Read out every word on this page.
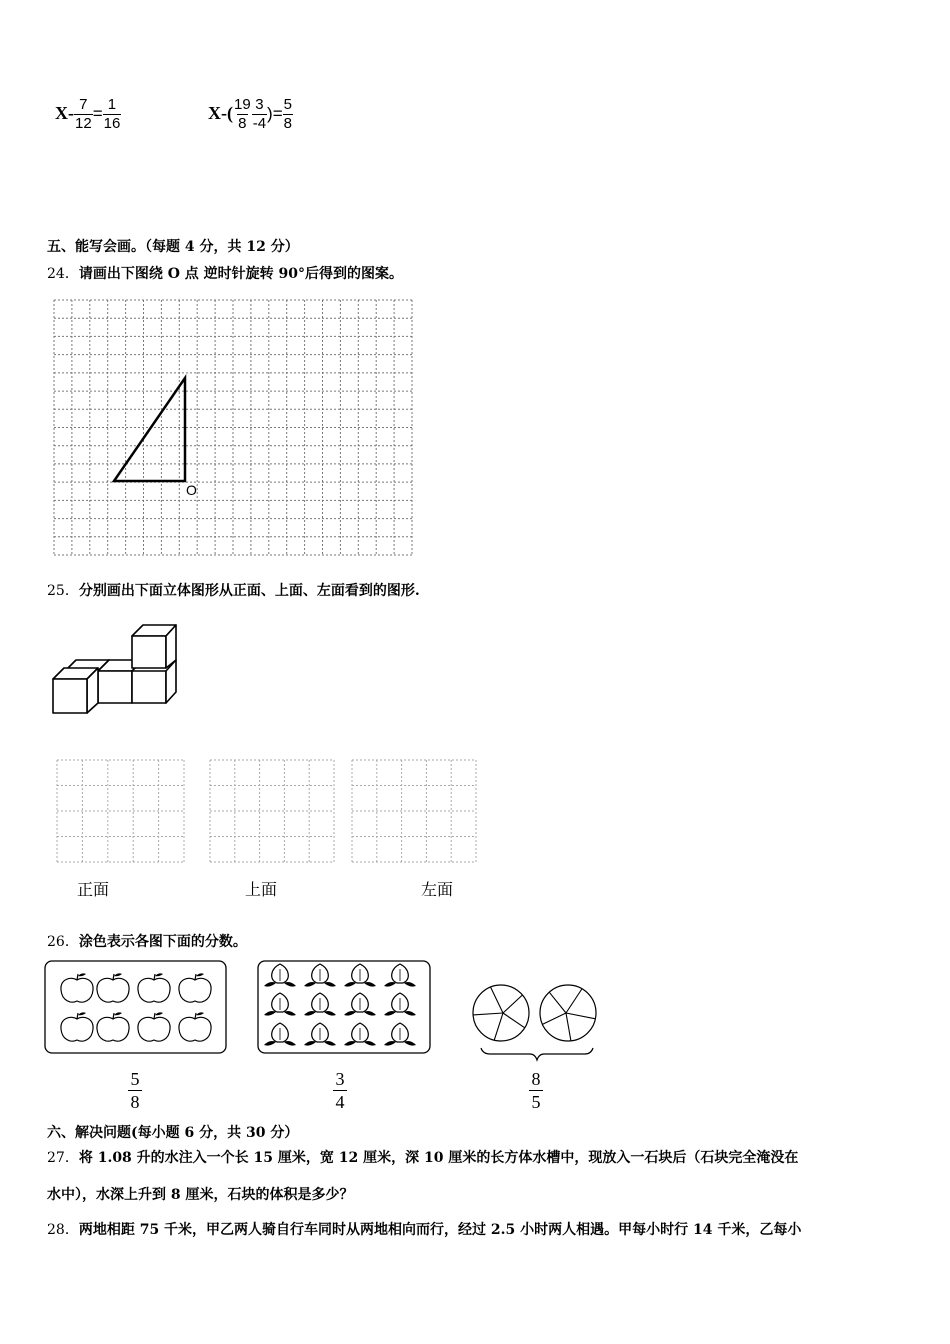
$X- \frac{7}{12} = \frac{1}{16}$	$X-( \frac{19}{8} \frac{3}{-4}$ )= $\frac{5}{8}$
五、能写会画。（每题 4 分，共 12 分）
24．请画出下图绕 O 点 逆时针旋转 90°后得到的图案。
O
25．分别画出下面立体图形从正面、上面、左面看到的图形.
正面	上面	左面
26．涂色表示各图下面的分数。
$\frac{5}{8}$	$\frac{3}{4}$	$\frac{8}{5}$
六、解决问题(每小题 6 分，共 30 分）
27．将 1.08 升的水注入一个长 15 厘米，宽 12 厘米，深 10 厘米的长方体水槽中，现放入一石块后（石块完全淹没在
水中），水深上升到 8 厘米，石块的体积是多少？
28．两地相距 75 千米，甲乙两人骑自行车同时从两地相向而行，经过 2.5 小时两人相遇。甲每小时行 14 千米，乙每小
